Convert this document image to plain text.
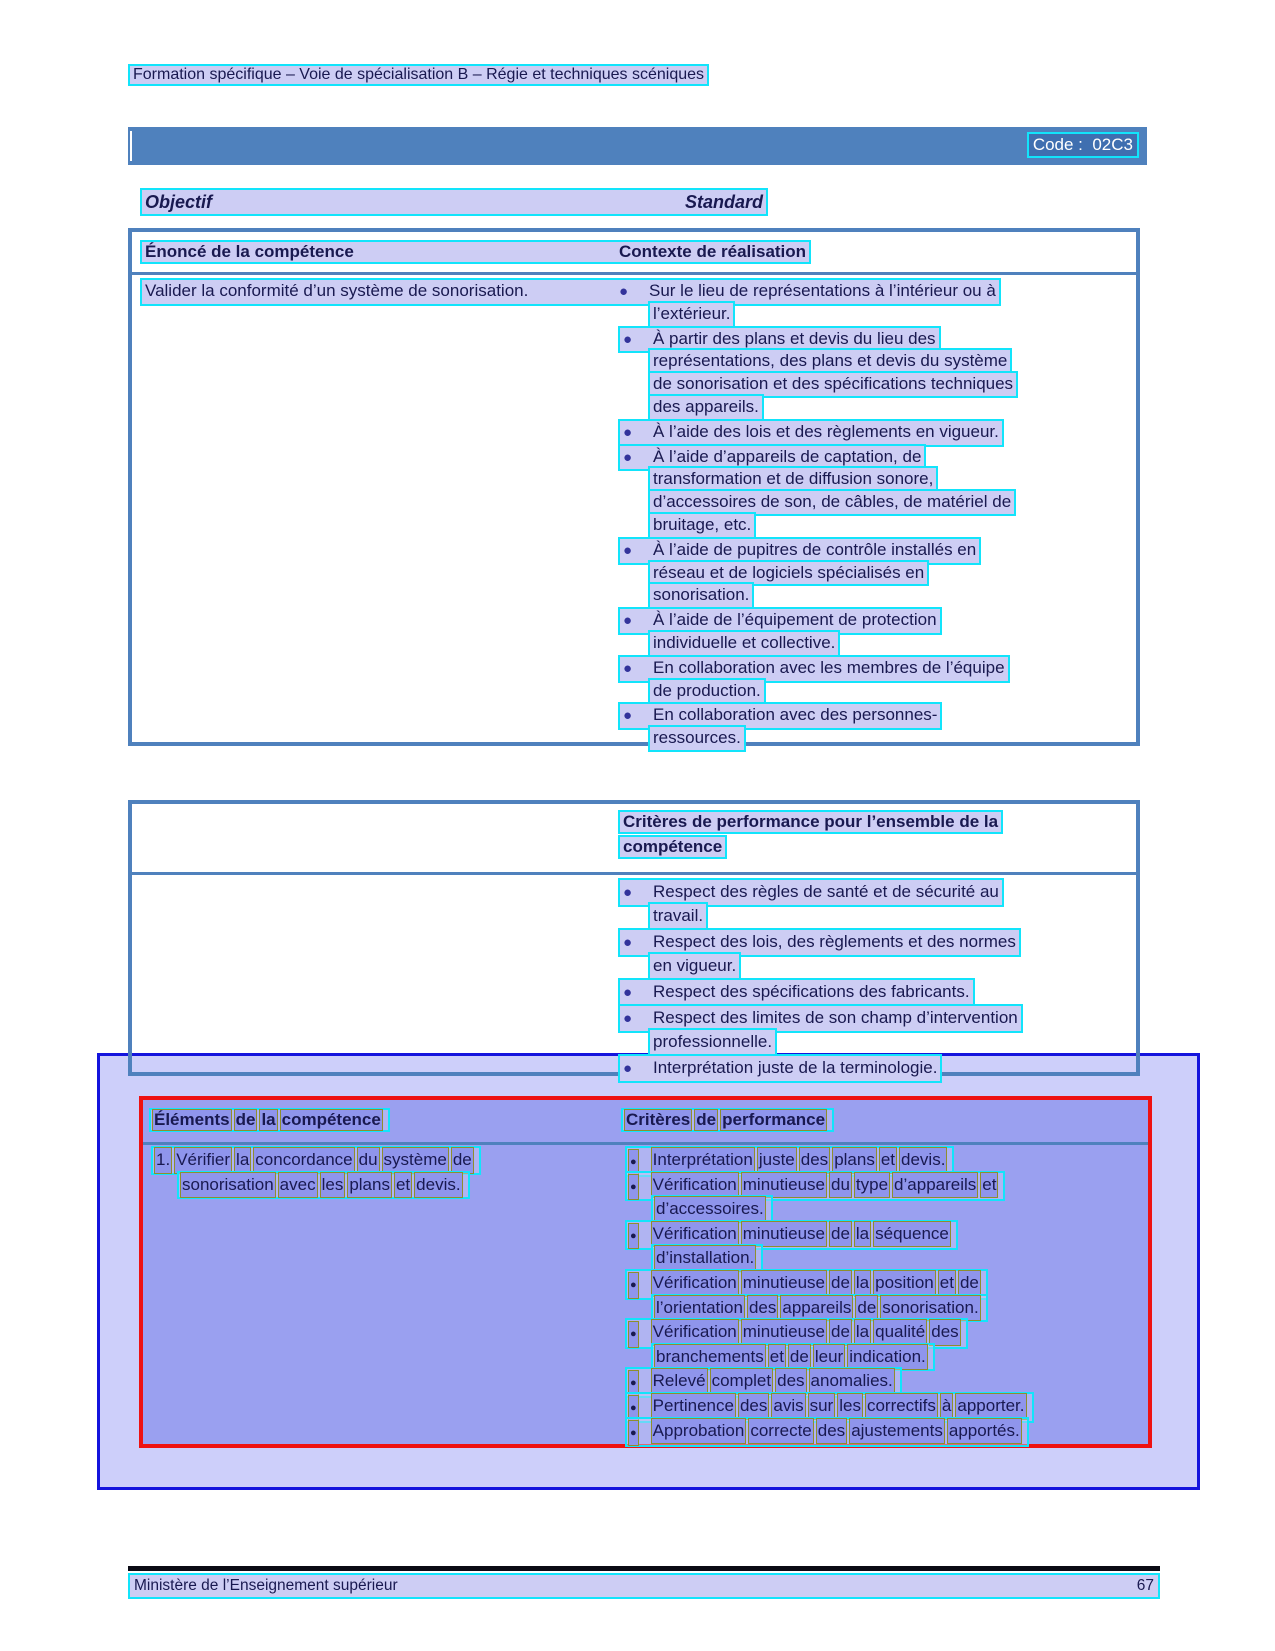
Formation spécifique – Voie de spécialisation B – Régie et techniques scéniques
Code :  02C3
Objectif	Standard
Énoncé de la compétence	Contexte de réalisation
Valider la conformité d’un système de sonorisation.	● Sur le lieu de représentations à l’intérieur ou à
l’extérieur.
● À partir des plans et devis du lieu des
représentations, des plans et devis du système
de sonorisation et des spécifications techniques
des appareils.
● À l’aide des lois et des règlements en vigueur.
● À l’aide d’appareils de captation, de
transformation et de diffusion sonore,
d’accessoires de son, de câbles, de matériel de
bruitage, etc.
● À l’aide de pupitres de contrôle installés en
réseau et de logiciels spécialisés en
sonorisation.
● À l’aide de l’équipement de protection
individuelle et collective.
● En collaboration avec les membres de l’équipe
de production.
● En collaboration avec des personnes-
ressources.
Critères de performance pour l’ensemble de la
compétence
● Respect des règles de santé et de sécurité au
travail.
● Respect des lois, des règlements et des normes
en vigueur.
● Respect des spécifications des fabricants.
● Respect des limites de son champ d’intervention
professionnelle.
● Interprétation juste de la terminologie.
Éléments de la compétence	Critères de performance
1. Vérifier la concordance du système de
sonorisation avec les plans et devis.
● Interprétation juste des plans et devis.
● Vérification minutieuse du type d’appareils et
d’accessoires.
● Vérification minutieuse de la séquence
d’installation.
● Vérification minutieuse de la position et de
l’orientation des appareils de sonorisation.
● Vérification minutieuse de la qualité des
branchements et de leur indication.
● Relevé complet des anomalies.
● Pertinence des avis sur les correctifs à apporter.
● Approbation correcte des ajustements apportés.
Ministère de l’Enseignement supérieur	67
